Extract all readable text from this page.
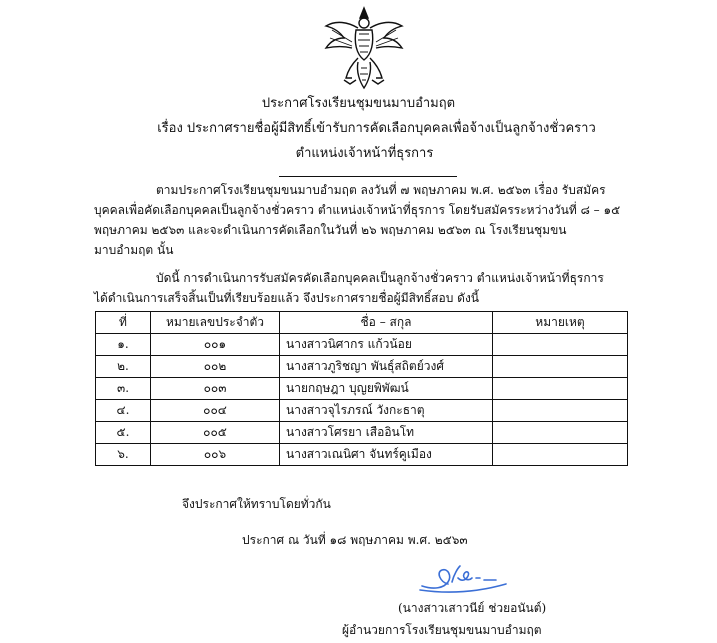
ประกาศโรงเรียนชุมขนมาบอำมฤต
เรื่อง ประกาศรายชื่อผู้มีสิทธิ์เข้ารับการคัดเลือกบุคคลเพื่อจ้างเป็นลูกจ้างชั่วคราว
ตำแหน่งเจ้าหน้าที่ธุรการ
ตามประกาศโรงเรียนชุมขนมาบอำมฤต ลงวันที่ ๗ พฤษภาคม พ.ศ. ๒๕๖๓ เรื่อง รับสมัคร
บุคคลเพื่อคัดเลือกบุคคลเป็นลูกจ้างชั่วคราว ตำแหน่งเจ้าหน้าที่ธุรการ โดยรับสมัครระหว่างวันที่ ๘ – ๑๕
พฤษภาคม ๒๕๖๓ และจะดำเนินการคัดเลือกในวันที่ ๒๖ พฤษภาคม ๒๕๖๓ ณ โรงเรียนชุมขน
มาบอำมฤต นั้น
บัดนี้ การดำเนินการรับสมัครคัดเลือกบุคคลเป็นลูกจ้างชั่วคราว ตำแหน่งเจ้าหน้าที่ธุรการ
ได้ดำเนินการเสร็จสิ้นเป็นที่เรียบร้อยแล้ว จึงประกาศรายชื่อผู้มีสิทธิ์สอบ ดังนี้
ที่	หมายเลขประจำตัว	ชื่อ – สกุล	หมายเหตุ
๑.	๐๐๑	นางสาวนิศากร แก้วน้อย	
๒.	๐๐๒	นางสาวภูริชญา พันธุ์สถิตย์วงศ์	
๓.	๐๐๓	นายกฤษฎา บุญยพิพัฒน์	
๔.	๐๐๔	นางสาวจุไรภรณ์ วังกะธาตุ	
๕.	๐๐๕	นางสาวโศรยา เสืออินโท	
๖.	๐๐๖	นางสาวเณนิศา จันทร์คูเมือง	
จึงประกาศให้ทราบโดยทั่วกัน
ประกาศ ณ วันที่ ๑๘ พฤษภาคม พ.ศ. ๒๕๖๓
(นางสาวเสาวนีย์ ช่วยอนันต์)
ผู้อำนวยการโรงเรียนชุมขนมาบอำมฤต
